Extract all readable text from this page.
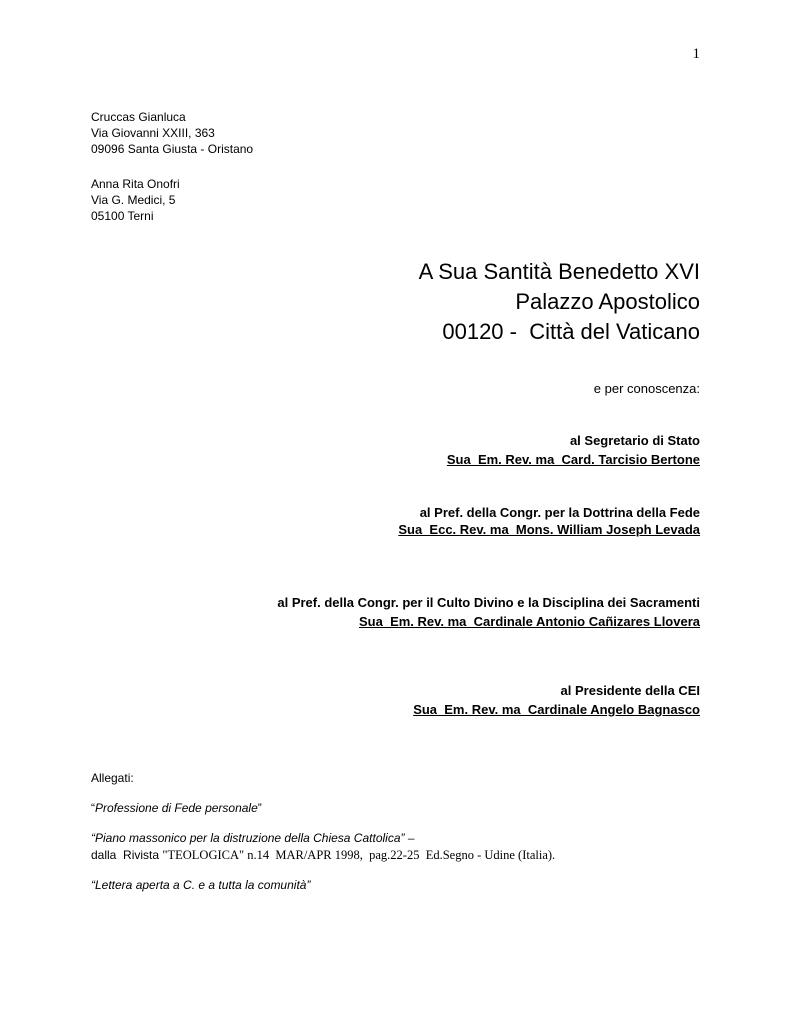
1
Cruccas Gianluca
Via Giovanni XXIII, 363
09096 Santa Giusta - Oristano
Anna Rita Onofri
Via G. Medici, 5
05100 Terni
A Sua Santità Benedetto XVI
Palazzo Apostolico
00120 -  Città del Vaticano
e per conoscenza:
al Segretario di Stato
Sua  Em. Rev. ma  Card. Tarcisio Bertone
al Pref. della Congr. per la Dottrina della Fede
Sua  Ecc. Rev. ma  Mons. William Joseph Levada
al Pref. della Congr. per il Culto Divino e la Disciplina dei Sacramenti
Sua  Em. Rev. ma  Cardinale Antonio Cañizares Llovera
al Presidente della CEI
Sua  Em. Rev. ma  Cardinale Angelo Bagnasco
Allegati:
“Professione di Fede personale”
“Piano massonico per la distruzione della Chiesa Cattolica” –
dalla  Rivista "TEOLOGICA" n.14  MAR/APR 1998,  pag.22-25  Ed.Segno - Udine (Italia).
“Lettera aperta a C. e a tutta la comunità”
